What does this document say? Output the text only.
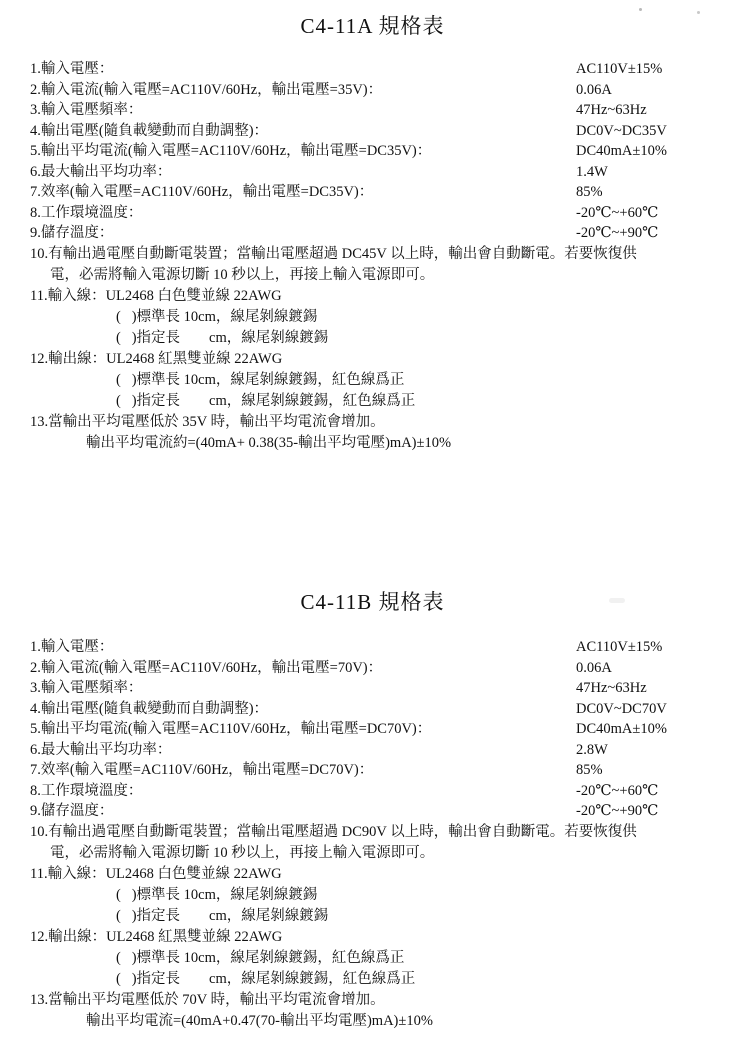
C4-11A 規格表
1.輸入電壓：	AC110V±15%
2.輸入電流(輸入電壓=AC110V/60Hz，輸出電壓=35V)：	0.06A
3.輸入電壓頻率：	47Hz~63Hz
4.輸出電壓(隨負載變動而自動調整)：	DC0V~DC35V
5.輸出平均電流(輸入電壓=AC110V/60Hz，輸出電壓=DC35V)：	DC40mA±10%
6.最大輸出平均功率：	1.4W
7.效率(輸入電壓=AC110V/60Hz，輸出電壓=DC35V)：	85%
8.工作環境溫度：	-20℃~+60℃
9.儲存溫度：	-20℃~+90℃
10.有輸出過電壓自動斷電裝置；當輸出電壓超過 DC45V 以上時，輸出會自動斷電。若要恢復供
電，必需將輸入電源切斷 10 秒以上，再接上輸入電源即可。
11.輸入線：UL2468 白色雙並線 22AWG
(   )標準長 10cm，線尾剝線鍍錫
(   )指定長        cm，線尾剝線鍍錫
12.輸出線：UL2468 紅黑雙並線 22AWG
(   )標準長 10cm，線尾剝線鍍錫，紅色線爲正
(   )指定長        cm，線尾剝線鍍錫，紅色線爲正
13.當輸出平均電壓低於 35V 時，輸出平均電流會增加。
輸出平均電流約=(40mA+ 0.38(35-輸出平均電壓)mA)±10%
C4-11B 規格表
1.輸入電壓：	AC110V±15%
2.輸入電流(輸入電壓=AC110V/60Hz，輸出電壓=70V)：	0.06A
3.輸入電壓頻率：	47Hz~63Hz
4.輸出電壓(隨負載變動而自動調整)：	DC0V~DC70V
5.輸出平均電流(輸入電壓=AC110V/60Hz，輸出電壓=DC70V)：	DC40mA±10%
6.最大輸出平均功率：	2.8W
7.效率(輸入電壓=AC110V/60Hz，輸出電壓=DC70V)：	85%
8.工作環境溫度：	-20℃~+60℃
9.儲存溫度：	-20℃~+90℃
10.有輸出過電壓自動斷電裝置；當輸出電壓超過 DC90V 以上時，輸出會自動斷電。若要恢復供
電，必需將輸入電源切斷 10 秒以上，再接上輸入電源即可。
11.輸入線：UL2468 白色雙並線 22AWG
(   )標準長 10cm，線尾剝線鍍錫
(   )指定長        cm，線尾剝線鍍錫
12.輸出線：UL2468 紅黑雙並線 22AWG
(   )標準長 10cm，線尾剝線鍍錫，紅色線爲正
(   )指定長        cm，線尾剝線鍍錫，紅色線爲正
13.當輸出平均電壓低於 70V 時，輸出平均電流會增加。
輸出平均電流=(40mA+0.47(70-輸出平均電壓)mA)±10%
